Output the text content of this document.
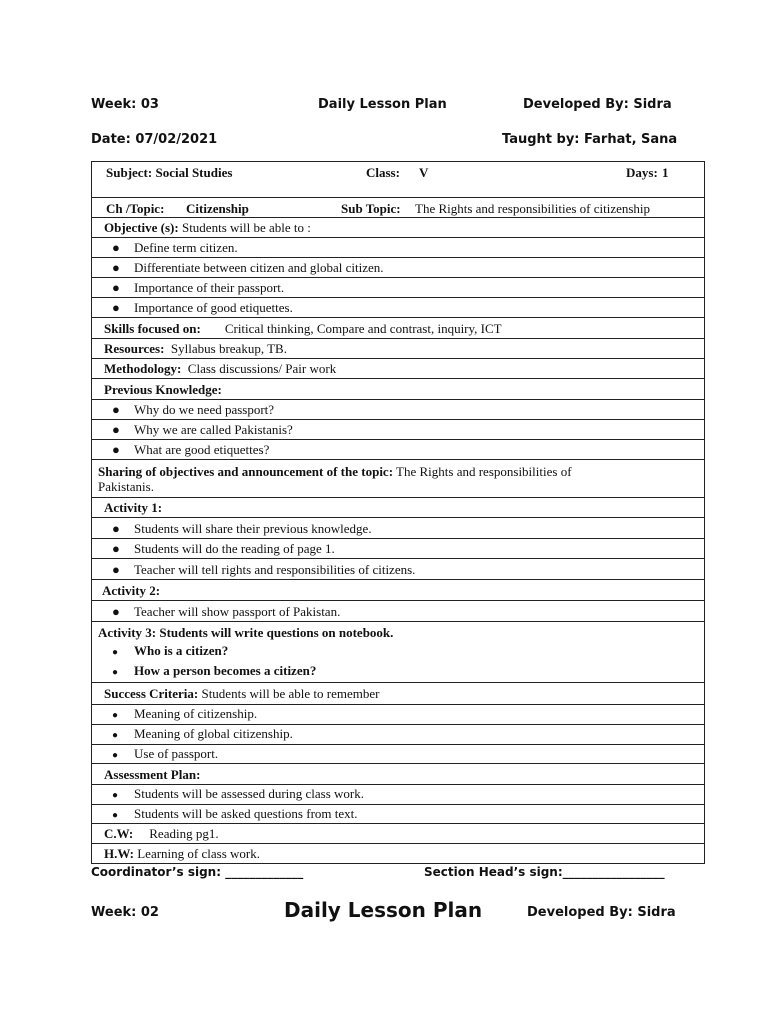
Week: 03	Daily Lesson Plan	Developed By: Sidra
Date: 07/02/2021	Taught by: Farhat, Sana
Subject: Social Studies	Class: V	Days: 1

Ch /Topic: Citizenship	Sub Topic: The Rights and responsibilities of citizenship

Objective (s): Students will be able to :
● Define term citizen.
● Differentiate between citizen and global citizen.
● Importance of their passport.
● Importance of good etiquettes.
Skills focused on: Critical thinking, Compare and contrast, inquiry, ICT
Resources: Syllabus breakup, TB.
Methodology: Class discussions/ Pair work
Previous Knowledge:
● Why do we need passport?
● Why we are called Pakistanis?
● What are good etiquettes?
Sharing of objectives and announcement of the topic: The Rights and responsibilities of
Pakistanis.
Activity 1:
● Students will share their previous knowledge.
● Students will do the reading of page 1.
● Teacher will tell rights and responsibilities of citizens.
Activity 2:
● Teacher will show passport of Pakistan.

Activity 3: Students will write questions on notebook.
● Who is a citizen?
● How a person becomes a citizen?

Success Criteria: Students will be able to remember
● Meaning of citizenship.
● Meaning of global citizenship.
● Use of passport.
Assessment Plan:
● Students will be assessed during class work.
● Students will be asked questions from text.
C.W: Reading pg1.
H.W: Learning of class work.
Coordinator’s sign: _____________	Section Head’s sign:_________________
Week: 02	Daily Lesson Plan	Developed By: Sidra
